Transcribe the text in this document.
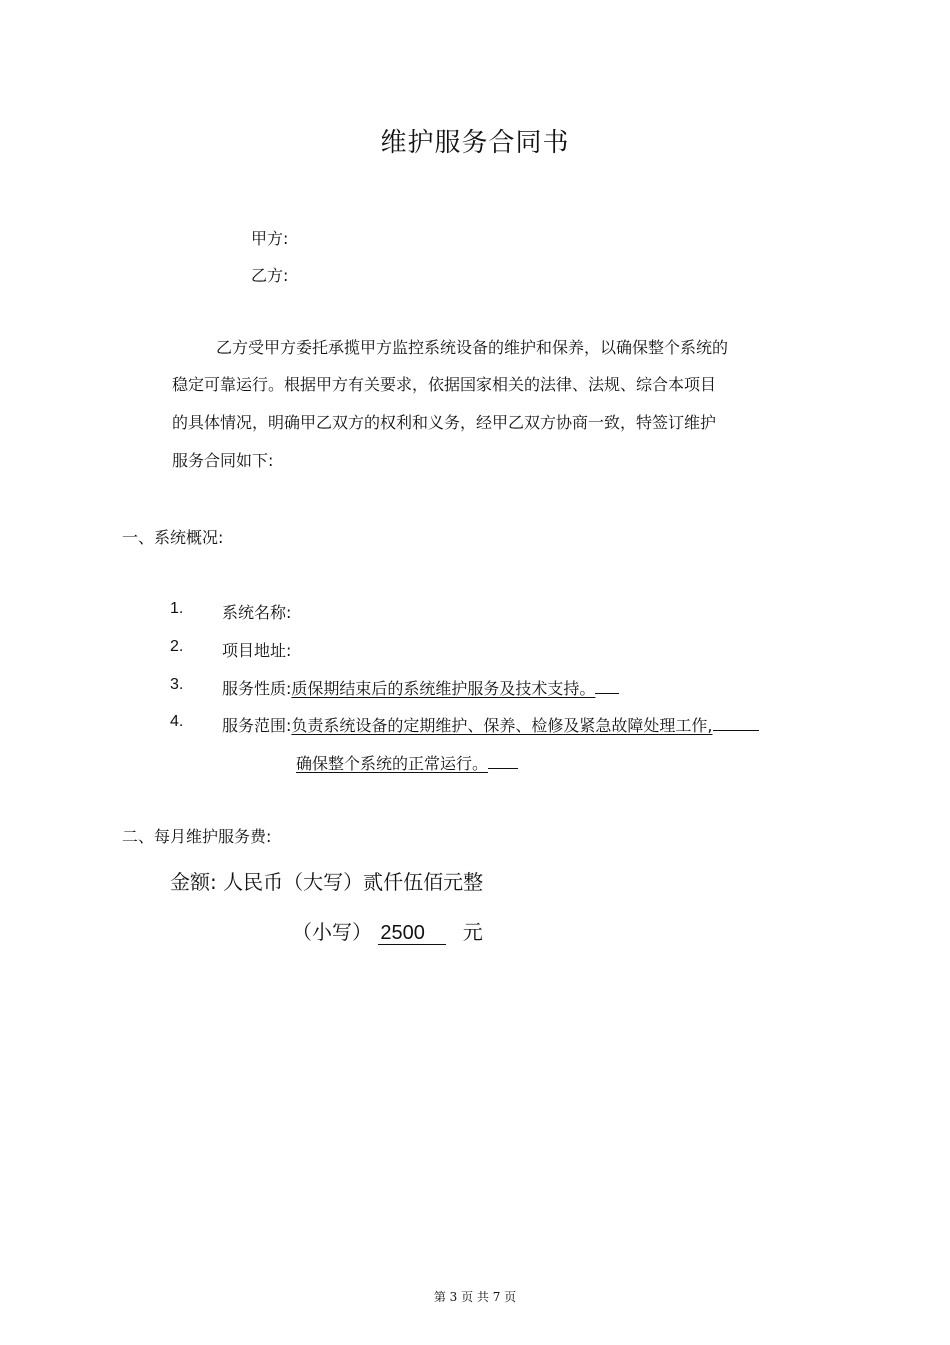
维护服务合同书
甲方:
乙方:
乙方受甲方委托承揽甲方监控系统设备的维护和保养，以确保整个系统的
稳定可靠运行。根据甲方有关要求，依据国家相关的法律、法规、综合本项目
的具体情况，明确甲乙双方的权利和义务，经甲乙双方协商一致，特签订维护
服务合同如下:
一、系统概况:
1. 系统名称:
2. 项目地址:
3. 服务性质:质保期结束后的系统维护服务及技术支持。
4. 服务范围:负责系统设备的定期维护、保养、检修及紧急故障处理工作,
确保整个系统的正常运行。
二、每月维护服务费:
金额: 人民币（大写）贰仟伍佰元整
（小写） 2500 元
第 3 页 共 7 页
